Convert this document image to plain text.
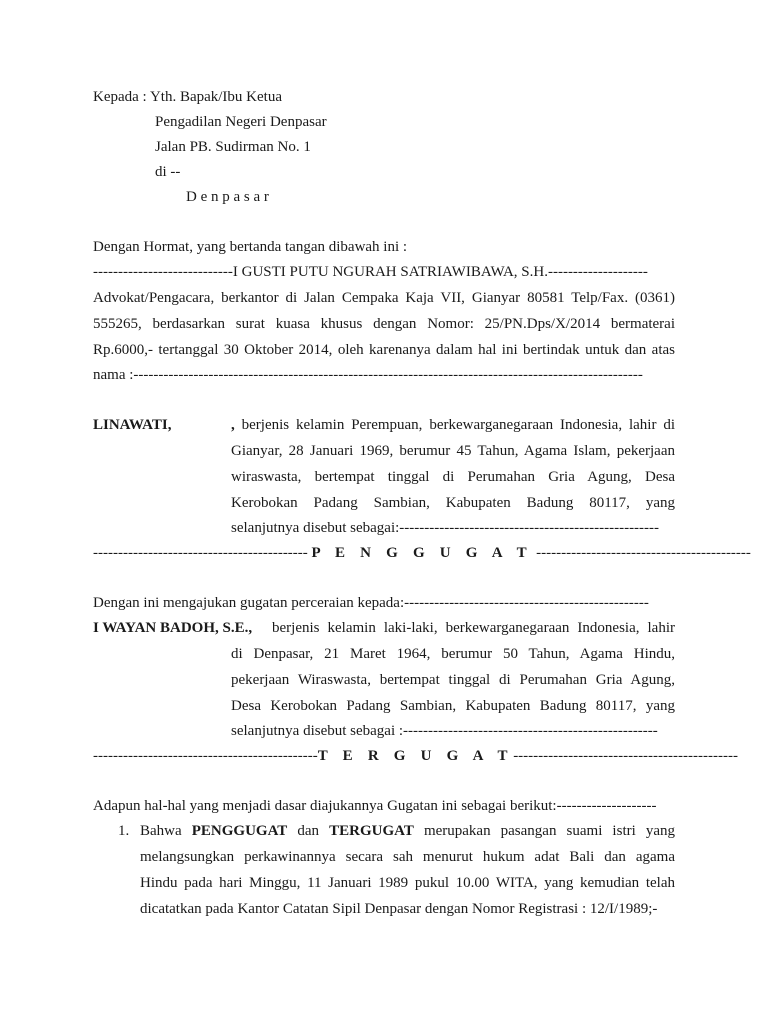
Kepada : Yth. Bapak/Ibu Ketua
Pengadilan Negeri Denpasar
Jalan PB. Sudirman No. 1
di --
D e n p a s a r
Dengan Hormat, yang bertanda tangan dibawah ini :
----------------------------I GUSTI PUTU NGURAH SATRIAWIBAWA, S.H.--------------------
Advokat/Pengacara, berkantor di Jalan Cempaka Kaja VII, Gianyar 80581 Telp/Fax. (0361)
555265, berdasarkan surat kuasa khusus dengan Nomor: 25/PN.Dps/X/2014 bermaterai
Rp.6000,- tertanggal 30 Oktober 2014, oleh karenanya dalam hal ini bertindak untuk dan atas
nama :------------------------------------------------------------------------------------------------------
LINAWATI,	, berjenis kelamin Perempuan, berkewarganegaraan Indonesia, lahir di
Gianyar, 28 Januari 1969, berumur 45 Tahun, Agama Islam, pekerjaan
wiraswasta, bertempat tinggal di Perumahan Gria Agung, Desa
Kerobokan Padang Sambian, Kabupaten Badung 80117, yang
selanjutnya disebut sebagai:----------------------------------------------------
------------------------------------------- P E N G G U G A T -------------------------------------------
Dengan ini mengajukan gugatan perceraian kepada:-------------------------------------------------
I WAYAN BADOH, S.E., berjenis kelamin laki-laki, berkewarganegaraan Indonesia, lahir
di Denpasar, 21 Maret 1964, berumur 50 Tahun, Agama Hindu,
pekerjaan Wiraswasta, bertempat tinggal di Perumahan Gria Agung,
Desa Kerobokan Padang Sambian, Kabupaten Badung 80117, yang
selanjutnya disebut sebagai :---------------------------------------------------
---------------------------------------------T E R G U G A T---------------------------------------------
Adapun hal-hal yang menjadi dasar diajukannya Gugatan ini sebagai berikut:--------------------
1. Bahwa PENGGUGAT dan TERGUGAT merupakan pasangan suami istri yang
melangsungkan perkawinannya secara sah menurut hukum adat Bali dan agama
Hindu pada hari Minggu, 11 Januari 1989 pukul 10.00 WITA, yang kemudian telah
dicatatkan pada Kantor Catatan Sipil Denpasar dengan Nomor Registrasi : 12/I/1989;-
